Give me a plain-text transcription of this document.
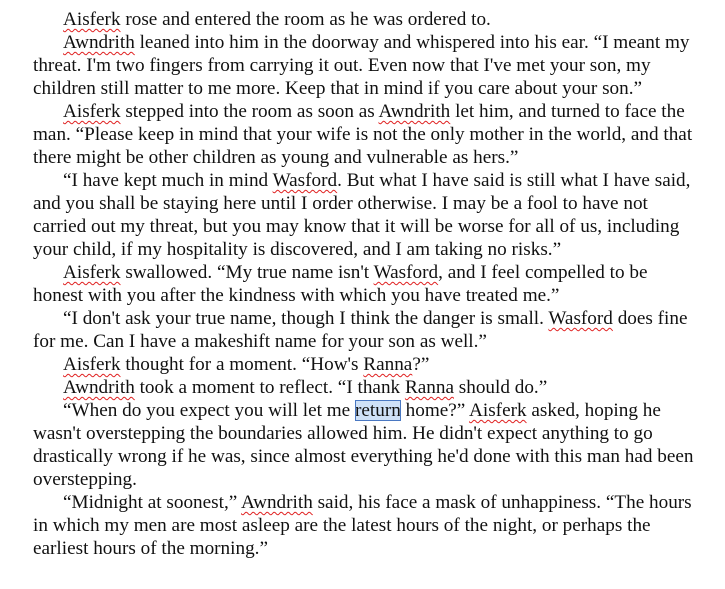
Aisferk rose and entered the room as he was ordered to.

Awndrith leaned into him in the doorway and whispered into his ear. “I meant my threat. I'm two fingers from carrying it out. Even now that I've met your son, my children still matter to me more. Keep that in mind if you care about your son.”

Aisferk stepped into the room as soon as Awndrith let him, and turned to face the man. “Please keep in mind that your wife is not the only mother in the world, and that there might be other children as young and vulnerable as hers.”

“I have kept much in mind Wasford. But what I have said is still what I have said, and you shall be staying here until I order otherwise. I may be a fool to have not carried out my threat, but you may know that it will be worse for all of us, including your child, if my hospitality is discovered, and I am taking no risks.”

Aisferk swallowed. “My true name isn't Wasford, and I feel compelled to be honest with you after the kindness with which you have treated me.”

“I don't ask your true name, though I think the danger is small. Wasford does fine for me. Can I have a makeshift name for your son as well.”

Aisferk thought for a moment. “How's Ranna?”

Awndrith took a moment to reflect. “I thank Ranna should do.”

“When do you expect you will let me return home?” Aisferk asked, hoping he wasn't overstepping the boundaries allowed him. He didn't expect anything to go drastically wrong if he was, since almost everything he'd done with this man had been overstepping.

“Midnight at soonest,” Awndrith said, his face a mask of unhappiness. “The hours in which my men are most asleep are the latest hours of the night, or perhaps the earliest hours of the morning.”
